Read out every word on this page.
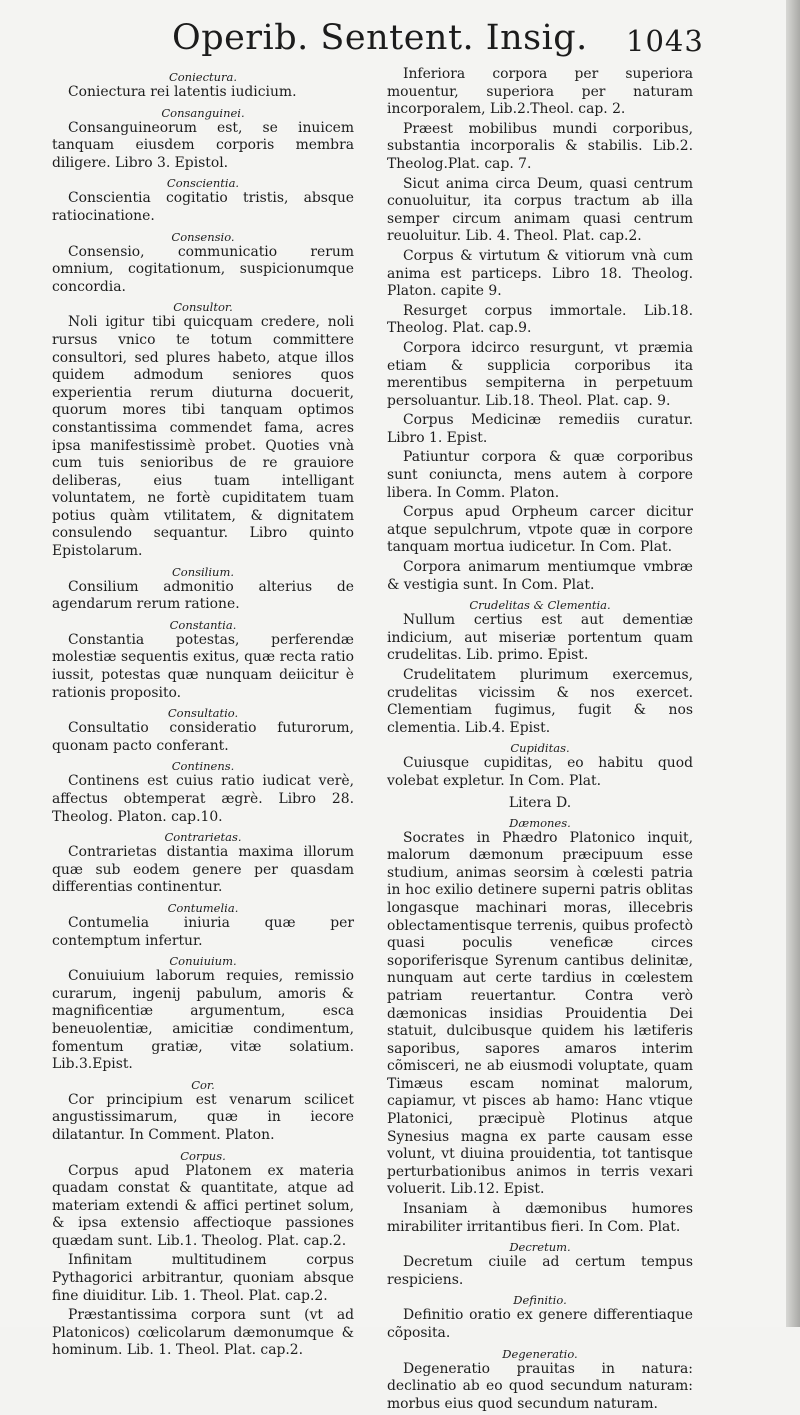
Operib. Sentent. Insig. 1043
Coniectura.

Coniectura rei latentis iudicium.

Consanguinei.

Consanguineorum est, se inuicem tanquam eiusdem corporis membra diligere. Libro 3. Epistol.

Conscientia.

Conscientia cogitatio tristis, absque ratiocinatione.

Consensio.

Consensio, communicatio rerum omnium, cogitationum, suspicionumque concordia.

Consultor.

Noli igitur tibi quicquam credere, noli rursus vnico te totum committere consultori, sed plures habeto, atque illos quidem admodum seniores quos experientia rerum diuturna docuerit, quorum mores tibi tanquam optimos constantissima commendet fama, acres ipsa manifestissimè probet. Quoties vnà cum tuis senioribus de re grauiore deliberas, eius tuam intelligant voluntatem, ne fortè cupiditatem tuam potius quàm vtilitatem, & dignitatem consulendo sequantur. Libro quinto Epistolarum.

Consilium.

Consilium admonitio alterius de agendarum rerum ratione.

Constantia.

Constantia potestas, perferendæ molestiæ sequentis exitus, quæ recta ratio iussit, potestas quæ nunquam deiicitur è rationis proposito.

Consultatio.

Consultatio consideratio futurorum, quonam pacto conferant.

Continens.

Continens est cuius ratio iudicat verè, affectus obtemperat ægrè. Libro 28. Theolog. Platon. cap.10.

Contrarietas.

Contrarietas distantia maxima illorum quæ sub eodem genere per quasdam differentias continentur.

Contumelia.

Contumelia iniuria quæ per contemptum infertur.

Conuiuium.

Conuiuium laborum requies, remissio curarum, ingenij pabulum, amoris & magnificentiæ argumentum, esca beneuolentiæ, amicitiæ condimentum, fomentum gratiæ, vitæ solatium. Lib.3.Epist.

Cor.

Cor principium est venarum scilicet angustissimarum, quæ in iecore dilatantur. In Comment. Platon.

Corpus.

Corpus apud Platonem ex materia quadam constat & quantitate, atque ad materiam extendi & affici pertinet solum, & ipsa extensio affectioque passiones quædam sunt. Lib.1. Theolog. Plat. cap.2.

Infinitam multitudinem corpus Pythagorici arbitrantur, quoniam absque fine diuiditur. Lib. 1. Theol. Plat. cap.2.

Præstantissima corpora sunt (vt ad Platonicos) cœlicolarum dæmonumque & hominum. Lib. 1. Theol. Plat. cap.2.

Inferiora corpora per superiora mouentur, superiora per naturam incorporalem, Lib.2.Theol. cap. 2.

Præest mobilibus mundi corporibus, substantia incorporalis & stabilis. Lib.2. Theolog.Plat. cap. 7.

Sicut anima circa Deum, quasi centrum conuoluitur, ita corpus tractum ab illa semper circum animam quasi centrum reuoluitur. Lib. 4. Theol. Plat. cap.2.

Corpus & virtutum & vitiorum vnà cum anima est particeps. Libro 18. Theolog. Platon. capite 9.

Resurget corpus immortale. Lib.18. Theolog. Plat. cap.9.

Corpora idcirco resurgunt, vt præmia etiam & supplicia corporibus ita merentibus sempiterna in perpetuum persoluantur. Lib.18. Theol. Plat. cap. 9.

Corpus Medicinæ remediis curatur. Libro 1. Epist.

Patiuntur corpora & quæ corporibus sunt coniuncta, mens autem à corpore libera. In Comm. Platon.

Corpus apud Orpheum carcer dicitur atque sepulchrum, vtpote quæ in corpore tanquam mortua iudicetur. In Com. Plat.

Corpora animarum mentiumque vmbræ & vestigia sunt. In Com. Plat.

Crudelitas & Clementia.

Nullum certius est aut dementiæ indicium, aut miseriæ portentum quam crudelitas. Lib. primo. Epist.

Crudelitatem plurimum exercemus, crudelitas vicissim & nos exercet. Clementiam fugimus, fugit & nos clementia. Lib.4. Epist.

Cupiditas.

Cuiusque cupiditas, eo habitu quod volebat expletur. In Com. Plat.

Litera D.
Dæmones.

Socrates in Phædro Platonico inquit, malorum dæmonum præcipuum esse studium, animas seorsim à cœlesti patria in hoc exilio detinere superni patris oblitas longasque machinari moras, illecebris oblectamentisque terrenis, quibus profectò quasi poculis veneficæ circes soporiferisque Syrenum cantibus delinitæ, nunquam aut certe tardius in cœlestem patriam reuertantur. Contra verò dæmonicas insidias Prouidentia Dei statuit, dulcibusque quidem his lætiferis saporibus, sapores amaros interim cõmisceri, ne ab eiusmodi voluptate, quam Timæus escam nominat malorum, capiamur, vt pisces ab hamo: Hanc vtique Platonici, præcipuè Plotinus atque Synesius magna ex parte causam esse volunt, vt diuina prouidentia, tot tantisque perturbationibus animos in terris vexari voluerit. Lib.12. Epist.

Insaniam à dæmonibus humores mirabiliter irritantibus fieri. In Com. Plat.

Decretum.

Decretum ciuile ad certum tempus respiciens.

Definitio.

Definitio oratio ex genere differentiaque cõposita.

Degeneratio.

Degeneratio prauitas in natura: declinatio ab eo quod secundum naturam: morbus eius quod secundum naturam.
